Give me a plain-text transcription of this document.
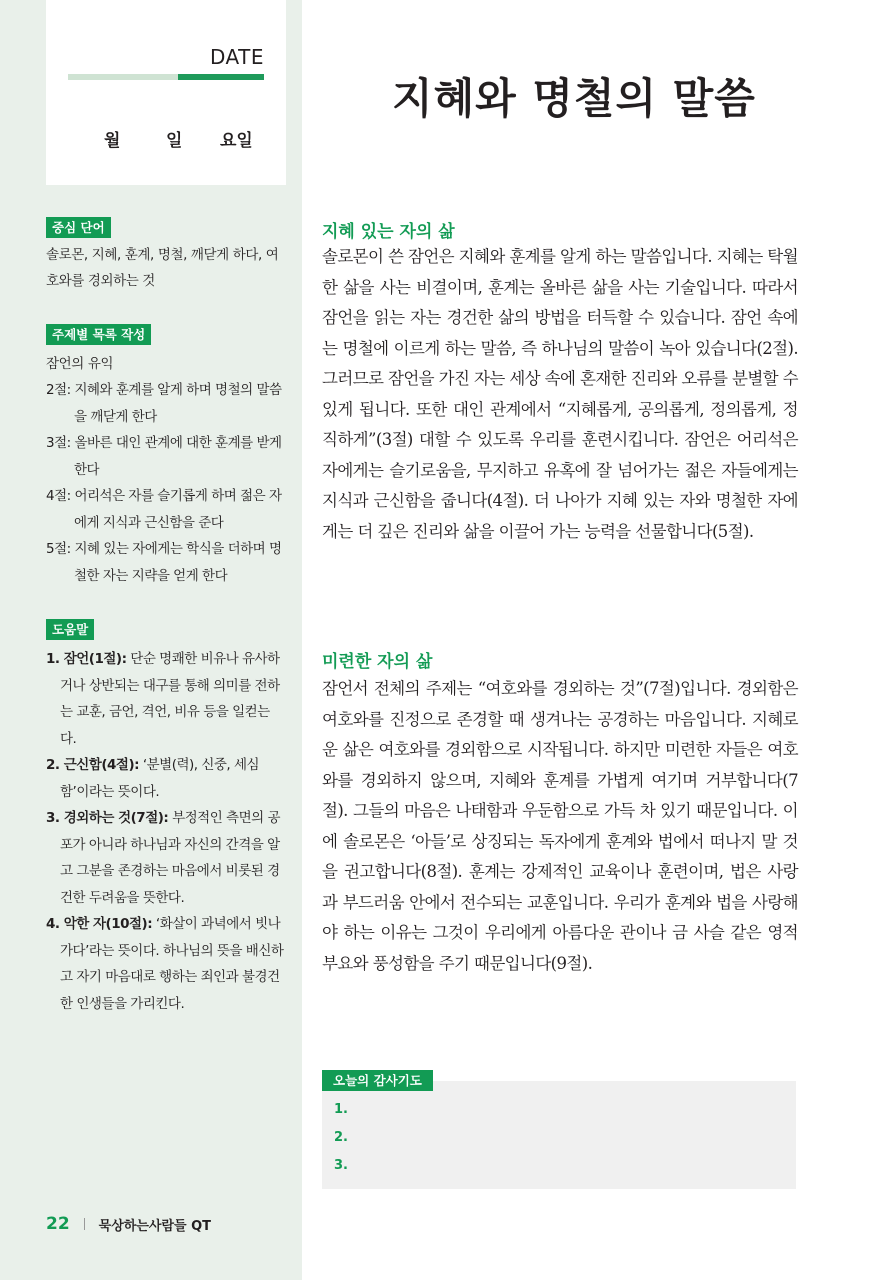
DATE
월	일 요일
중심 단어
솔로몬, 지혜, 훈계, 명철, 깨닫게 하다, 여호와를 경외하는 것
주제별 목록 작성
잠언의 유익
2절: 지혜와 훈계를 알게 하며 명철의 말씀을 깨닫게 한다
3절: 올바른 대인 관계에 대한 훈계를 받게 한다
4절: 어리석은 자를 슬기롭게 하며 젊은 자에게 지식과 근신함을 준다
5절: 지혜 있는 자에게는 학식을 더하며 명철한 자는 지략을 얻게 한다
도움말
1. 잠언(1절): 단순 명쾌한 비유나 유사하거나 상반되는 대구를 통해 의미를 전하는 교훈, 금언, 격언, 비유 등을 일컫는다.
2. 근신함(4절): ‘분별(력), 신중, 세심함’이라는 뜻이다.
3. 경외하는 것(7절): 부정적인 측면의 공포가 아니라 하나님과 자신의 간격을 알고 그분을 존경하는 마음에서 비롯된 경건한 두려움을 뜻한다.
4. 악한 자(10절): ‘화살이 과녁에서 빗나가다’라는 뜻이다. 하나님의 뜻을 배신하고 자기 마음대로 행하는 죄인과 불경건한 인생들을 가리킨다.
22 묵상하는사람들 QT
지혜와 명철의 말씀
지혜 있는 자의 삶
솔로몬이 쓴 잠언은 지혜와 훈계를 알게 하는 말씀입니다. 지혜는 탁월한 삶을 사는 비결이며, 훈계는 올바른 삶을 사는 기술입니다. 따라서 잠언을 읽는 자는 경건한 삶의 방법을 터득할 수 있습니다. 잠언 속에는 명철에 이르게 하는 말씀, 즉 하나님의 말씀이 녹아 있습니다(2절). 그러므로 잠언을 가진 자는 세상 속에 혼재한 진리와 오류를 분별할 수 있게 됩니다. 또한 대인 관계에서 “지혜롭게, 공의롭게, 정의롭게, 정직하게”(3절) 대할 수 있도록 우리를 훈련시킵니다. 잠언은 어리석은 자에게는 슬기로움을, 무지하고 유혹에 잘 넘어가는 젊은 자들에게는 지식과 근신함을 줍니다(4절). 더 나아가 지혜 있는 자와 명철한 자에게는 더 깊은 진리와 삶을 이끌어 가는 능력을 선물합니다(5절).
미련한 자의 삶
잠언서 전체의 주제는 “여호와를 경외하는 것”(7절)입니다. 경외함은 여호와를 진정으로 존경할 때 생겨나는 공경하는 마음입니다. 지혜로운 삶은 여호와를 경외함으로 시작됩니다. 하지만 미련한 자들은 여호와를 경외하지 않으며, 지혜와 훈계를 가볍게 여기며 거부합니다(7절). 그들의 마음은 나태함과 우둔함으로 가득 차 있기 때문입니다. 이에 솔로몬은 ‘아들’로 상징되는 독자에게 훈계와 법에서 떠나지 말 것을 권고합니다(8절). 훈계는 강제적인 교육이나 훈련이며, 법은 사랑과 부드러움 안에서 전수되는 교훈입니다. 우리가 훈계와 법을 사랑해야 하는 이유는 그것이 우리에게 아름다운 관이나 금 사슬 같은 영적 부요와 풍성함을 주기 때문입니다(9절).
오늘의 감사기도
1.
2.
3.
